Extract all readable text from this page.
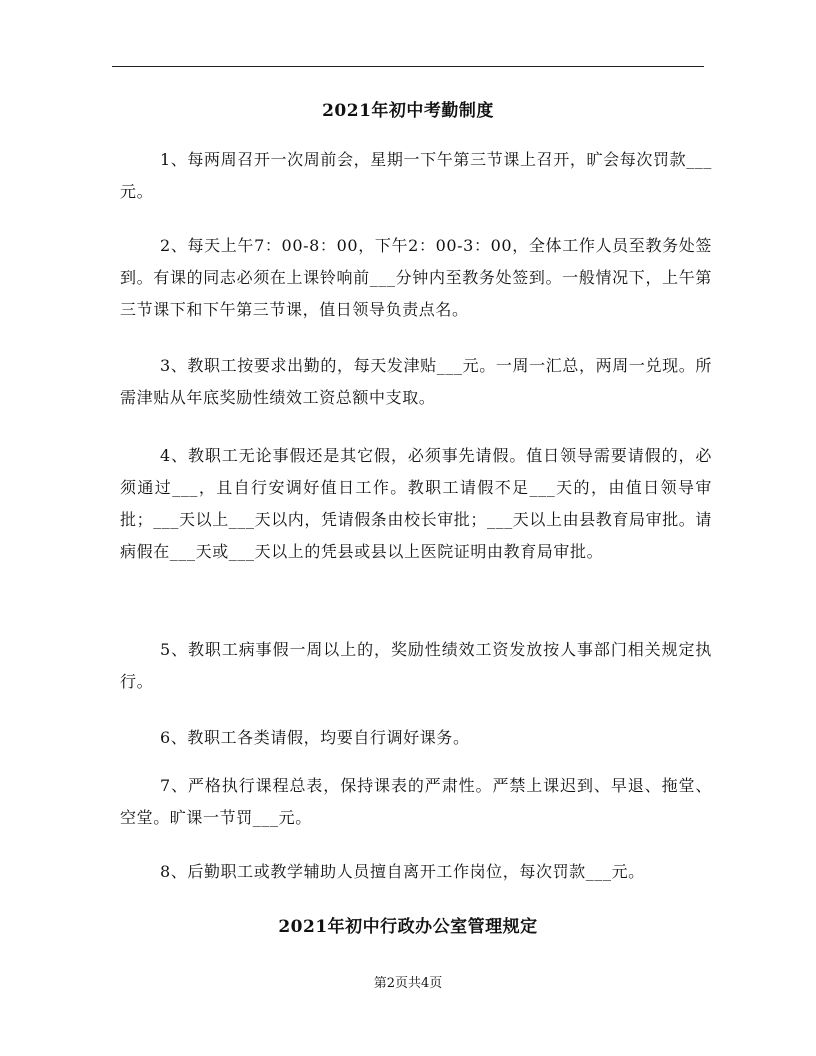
2021年初中考勤制度
1、每两周召开一次周前会，星期一下午第三节课上召开，旷会每次罚款___元。
2、每天上午7：00-8：00，下午2：00-3：00，全体工作人员至教务处签到。有课的同志必须在上课铃响前___分钟内至教务处签到。一般情况下，上午第三节课下和下午第三节课，值日领导负责点名。
3、教职工按要求出勤的，每天发津贴___元。一周一汇总，两周一兑现。所需津贴从年底奖励性绩效工资总额中支取。
4、教职工无论事假还是其它假，必须事先请假。值日领导需要请假的，必须通过___，且自行安调好值日工作。教职工请假不足___天的，由值日领导审批；___天以上___天以内，凭请假条由校长审批；___天以上由县教育局审批。请病假在___天或___天以上的凭县或县以上医院证明由教育局审批。
5、教职工病事假一周以上的，奖励性绩效工资发放按人事部门相关规定执行。
6、教职工各类请假，均要自行调好课务。
7、严格执行课程总表，保持课表的严肃性。严禁上课迟到、早退、拖堂、空堂。旷课一节罚___元。
8、后勤职工或教学辅助人员擅自离开工作岗位，每次罚款___元。
2021年初中行政办公室管理规定
第2页共4页
